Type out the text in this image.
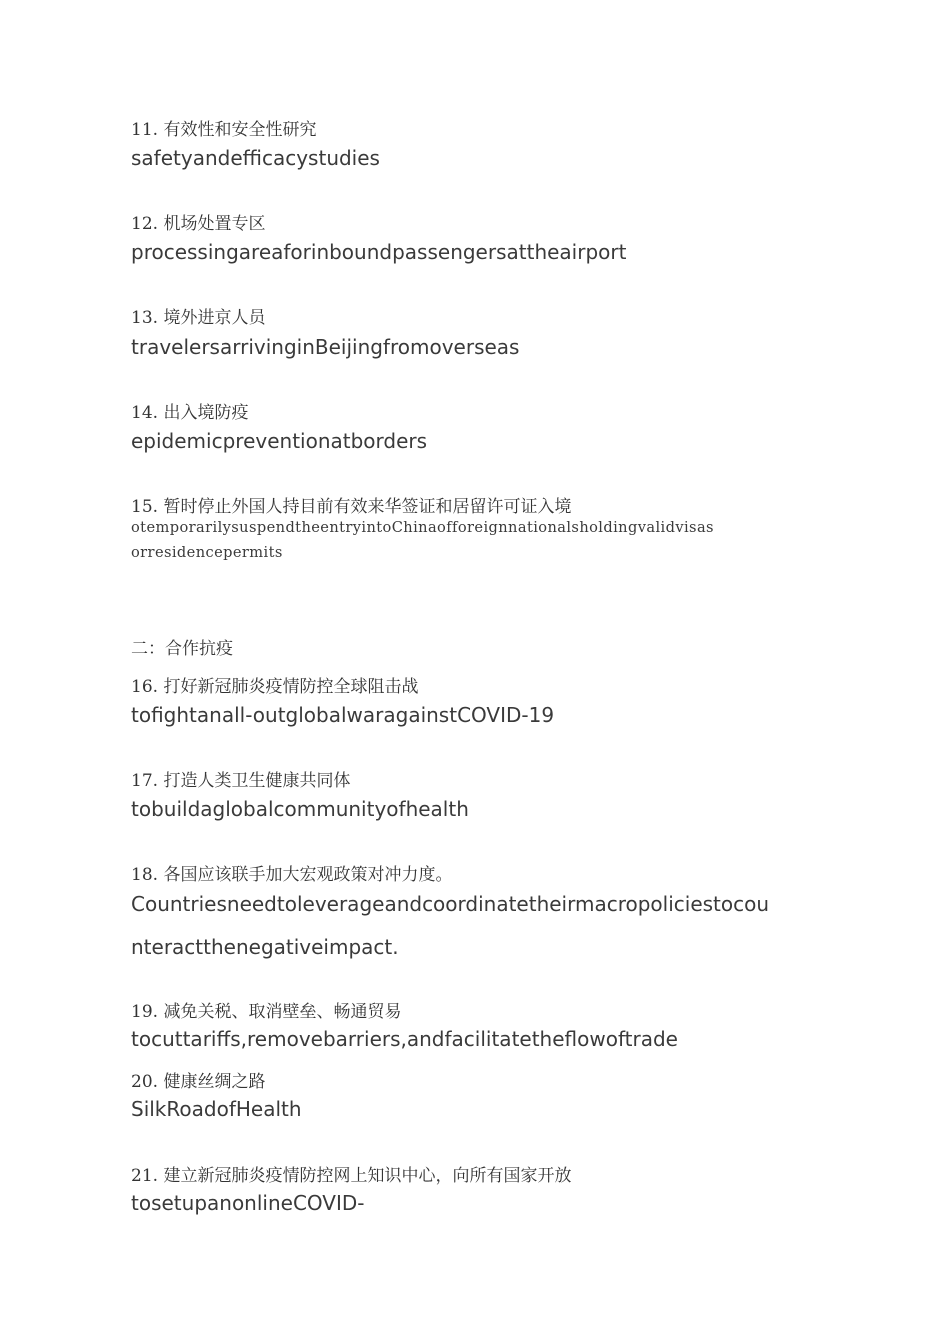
11. 有效性和安全性研究
safetyandefficacystudies
12. 机场处置专区
processingareaforinboundpassengersattheairport
13. 境外进京人员
travelersarrivinginBeijingfromoverseas
14. 出入境防疫
epidemicpreventionatborders
15. 暂时停止外国人持目前有效来华签证和居留许可证入境
otemporarilysuspendtheentryintoChinaofforeignnationalsholdingvalidvisas
orresidencepermits
二：合作抗疫
16. 打好新冠肺炎疫情防控全球阻击战
tofightanall-outglobalwaragainstCOVID-19
17. 打造人类卫生健康共同体
tobuildaglobalcommunityofhealth
18. 各国应该联手加大宏观政策对冲力度。
Countriesneedtoleverageandcoordinatetheirmacropoliciestocou
nteractthenegativeimpact.
19. 减免关税、取消壁垒、畅通贸易
tocuttariffs,removebarriers,andfacilitatetheflowoftrade
20. 健康丝绸之路
SilkRoadofHealth
21. 建立新冠肺炎疫情防控网上知识中心，向所有国家开放
tosetupanonlineCOVID-
